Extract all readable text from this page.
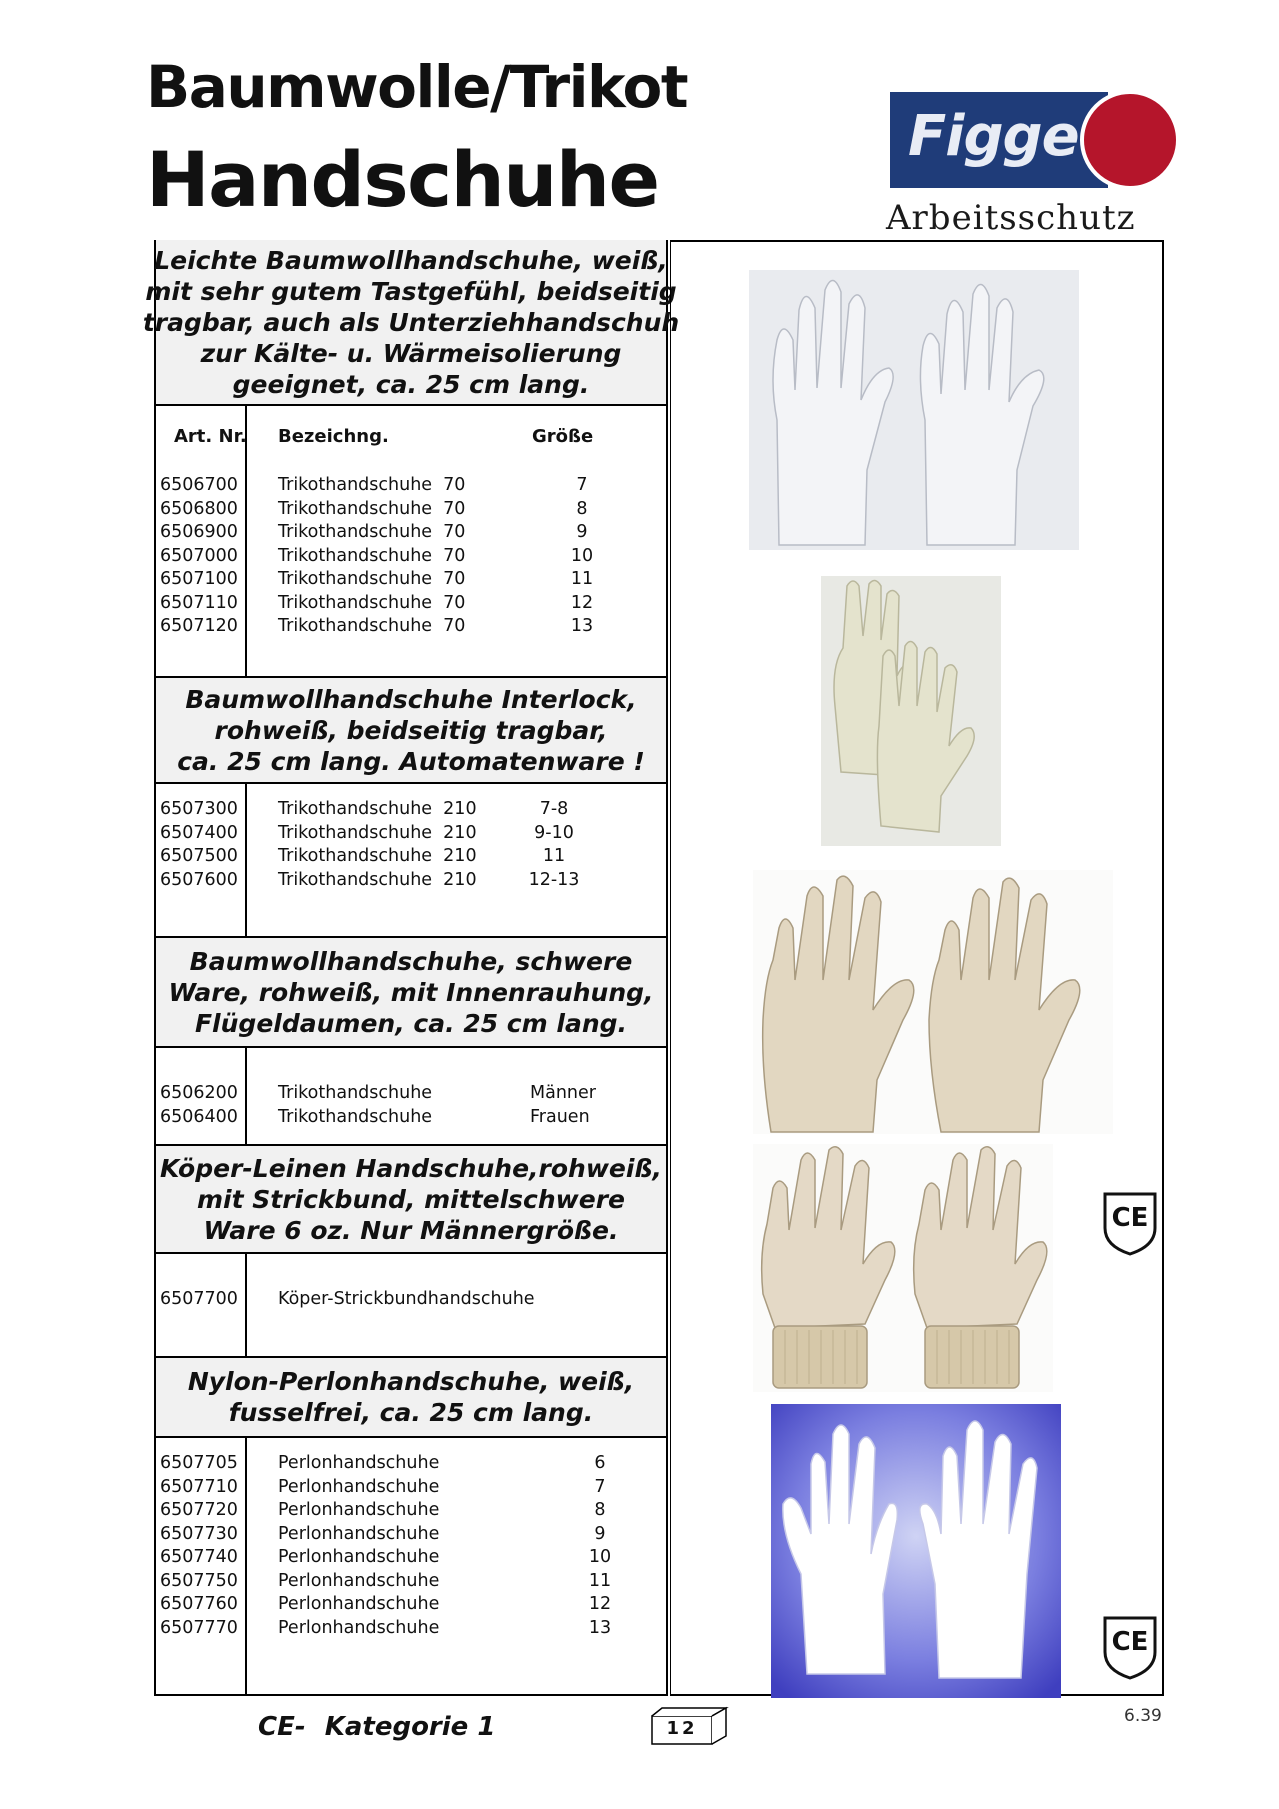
Baumwolle/Trikot
Handschuhe	Figge
Arbeitsschutz
Leichte Baumwollhandschuhe, weiß,
mit sehr gutem Tastgefühl, beidseitig
tragbar, auch als Unterziehhandschuh
zur Kälte- u. Wärmeisolierung
geeignet, ca. 25 cm lang.
Art. Nr. Bezeichng.	Größe
6506700 Trikothandschuhe  70	7
6506800 Trikothandschuhe  70	8
6506900 Trikothandschuhe  70	9
6507000 Trikothandschuhe  70	10
6507100 Trikothandschuhe  70	11
6507110 Trikothandschuhe  70	12
6507120 Trikothandschuhe  70	13
Baumwollhandschuhe Interlock,
rohweiß, beidseitig tragbar,
ca. 25 cm lang. Automatenware !
6507300 Trikothandschuhe  210	7-8
6507400 Trikothandschuhe  210	9-10
6507500 Trikothandschuhe  210	11
6507600 Trikothandschuhe  210	12-13
Baumwollhandschuhe, schwere
Ware, rohweiß, mit Innenrauhung,
Flügeldaumen, ca. 25 cm lang.
6506200 Trikothandschuhe	Männer
6506400 Trikothandschuhe	Frauen
Köper-Leinen Handschuhe,rohweiß,
mit Strickbund, mittelschwere
Ware 6 oz. Nur Männergröße.
6507700 Köper-Strickbundhandschuhe
Nylon-Perlonhandschuhe, weiß,
fusselfrei, ca. 25 cm lang.
6507705 Perlonhandschuhe	6
6507710 Perlonhandschuhe	7
6507720 Perlonhandschuhe	8
6507730 Perlonhandschuhe	9
6507740 Perlonhandschuhe	10
6507750 Perlonhandschuhe	11
6507760 Perlonhandschuhe	12
6507770 Perlonhandschuhe	13
CE
CE
CE- Kategorie 1	12
6.39
